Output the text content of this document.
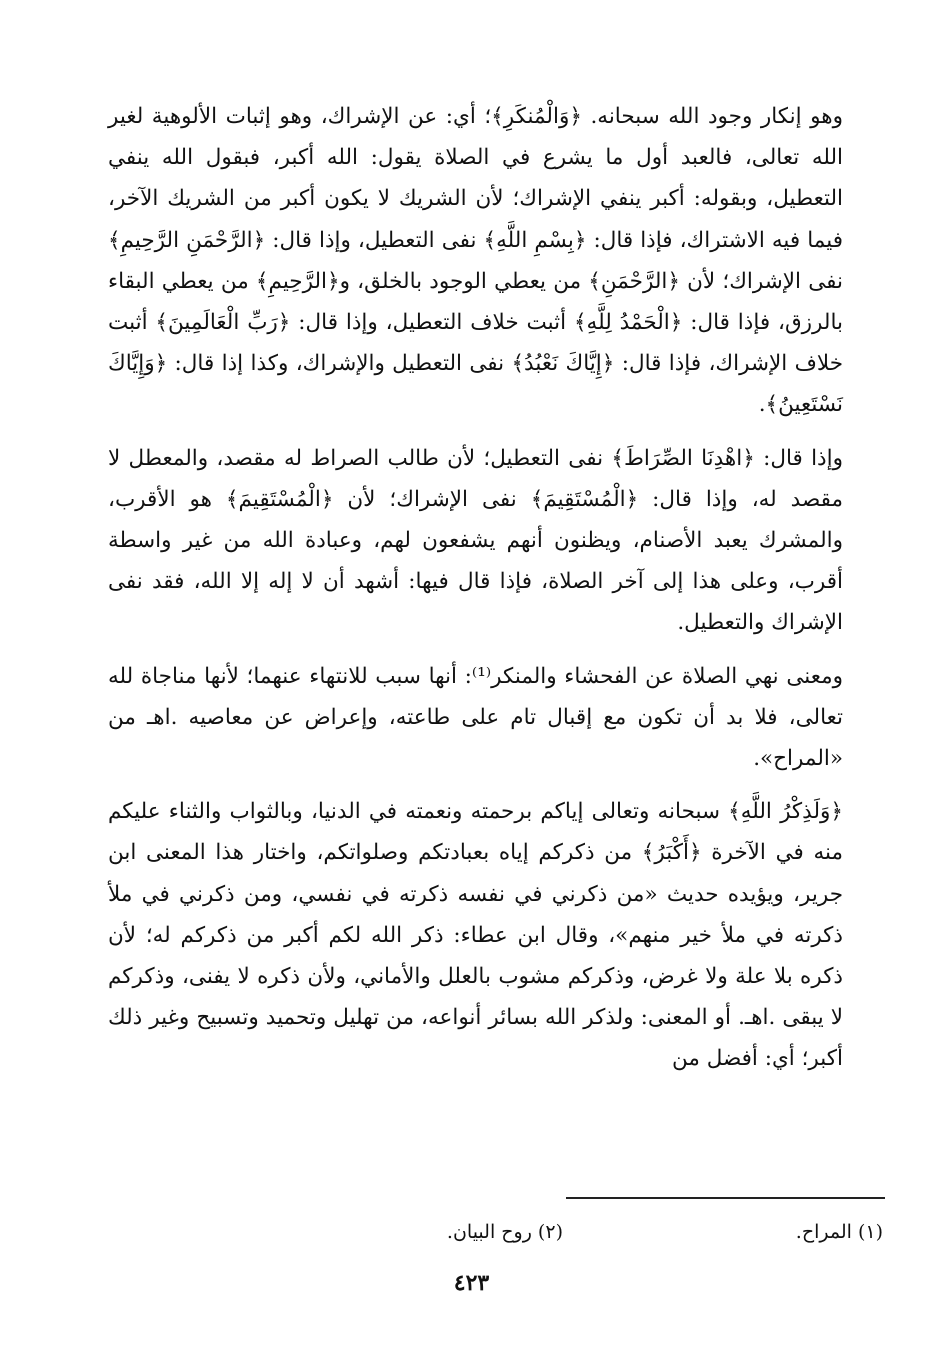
وهو إنكار وجود الله سبحانه. ﴿وَالْمُنكَرِ﴾؛ أي: عن الإشراك، وهو إثبات الألوهية لغير الله تعالى، فالعبد أول ما يشرع في الصلاة يقول: الله أكبر، فبقول الله ينفي التعطيل، وبقوله: أكبر ينفي الإشراك؛ لأن الشريك لا يكون أكبر من الشريك الآخر، فيما فيه الاشتراك، فإذا قال: ﴿بِسْمِ اللَّهِ﴾ نفى التعطيل، وإذا قال: ﴿الرَّحْمَنِ الرَّحِيمِ﴾ نفى الإشراك؛ لأن ﴿الرَّحْمَنِ﴾ من يعطي الوجود بالخلق، و﴿الرَّحِيمِ﴾ من يعطي البقاء بالرزق، فإذا قال: ﴿الْحَمْدُ لِلَّهِ﴾ أثبت خلاف التعطيل، وإذا قال: ﴿رَبِّ الْعَالَمِينَ﴾ أثبت خلاف الإشراك، فإذا قال: ﴿إِيَّاكَ نَعْبُدُ﴾ نفى التعطيل والإشراك، وكذا إذا قال: ﴿وَإِيَّاكَ نَسْتَعِينُ﴾.

وإذا قال: ﴿اهْدِنَا الصِّرَاطَ﴾ نفى التعطيل؛ لأن طالب الصراط له مقصد، والمعطل لا مقصد له، وإذا قال: ﴿الْمُسْتَقِيمَ﴾ نفى الإشراك؛ لأن ﴿الْمُسْتَقِيمَ﴾ هو الأقرب، والمشرك يعبد الأصنام، ويظنون أنهم يشفعون لهم، وعبادة الله من غير واسطة أقرب، وعلى هذا إلى آخر الصلاة، فإذا قال فيها: أشهد أن لا إله إلا الله، فقد نفى الإشراك والتعطيل.

ومعنى نهي الصلاة عن الفحشاء والمنكر⁽¹⁾: أنها سبب للانتهاء عنهما؛ لأنها مناجاة لله تعالى، فلا بد أن تكون مع إقبال تام على طاعته، وإعراض عن معاصيه .اهـ من «المراح».

﴿وَلَذِكْرُ اللَّهِ﴾ سبحانه وتعالى إياكم برحمته ونعمته في الدنيا، وبالثواب والثناء عليكم منه في الآخرة ﴿أَكْبَرُ﴾ من ذكركم إياه بعبادتكم وصلواتكم، واختار هذا المعنى ابن جرير، ويؤيده حديث «من ذكرني في نفسه ذكرته في نفسي، ومن ذكرني في ملأ ذكرته في ملأ خير منهم»، وقال ابن عطاء: ذكر الله لكم أكبر من ذكركم له؛ لأن ذكره بلا علة ولا غرض، وذكركم مشوب بالعلل والأماني، ولأن ذكره لا يفنى، وذكركم لا يبقى .اهـ. أو المعنى: ولذكر الله بسائر أنواعه، من تهليل وتحميد وتسبيح وغير ذلك أكبر؛ أي: أفضل من

(١) المراح.
(٢) روح البيان.
٤٢٣
